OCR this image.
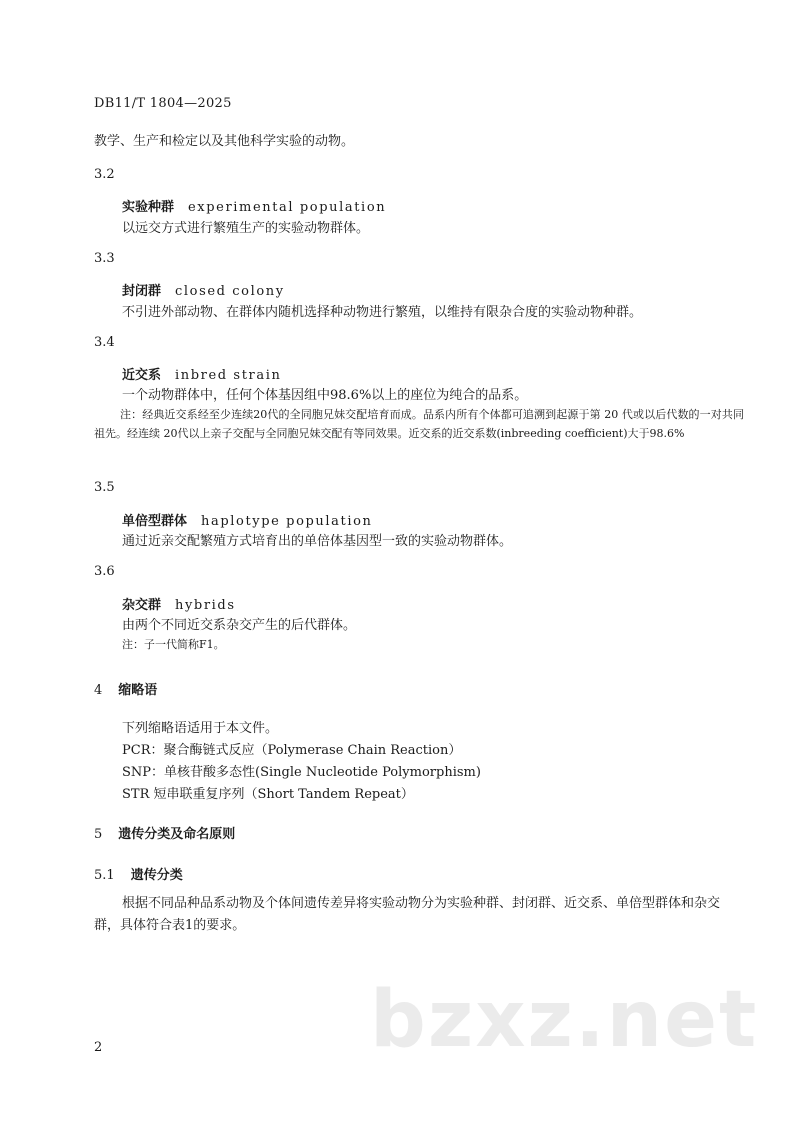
DB11/T 1804—2025
教学、生产和检定以及其他科学实验的动物。
3.2
实验种群 experimental population
以远交方式进行繁殖生产的实验动物群体。
3.3
封闭群 closed colony
不引进外部动物、在群体内随机选择种动物进行繁殖，以维持有限杂合度的实验动物种群。
3.4
近交系 inbred strain
一个动物群体中，任何个体基因组中98.6%以上的座位为纯合的品系。
注：经典近交系经至少连续20代的全同胞兄妹交配培育而成。品系内所有个体都可追溯到起源于第 20 代或以后代数的一对共同祖先。经连续 20代以上亲子交配与全同胞兄妹交配有等同效果。近交系的近交系数(inbreeding coefficient)大于98.6%
3.5
单倍型群体 haplotype population
通过近亲交配繁殖方式培育出的单倍体基因型一致的实验动物群体。
3.6
杂交群 hybrids
由两个不同近交系杂交产生的后代群体。
注：子一代简称F1。
4 缩略语
下列缩略语适用于本文件。
PCR：聚合酶链式反应（Polymerase Chain Reaction）
SNP：单核苷酸多态性(Single Nucleotide Polymorphism)
STR 短串联重复序列（Short Tandem Repeat）
5 遗传分类及命名原则
5.1 遗传分类
根据不同品种品系动物及个体间遗传差异将实验动物分为实验种群、封闭群、近交系、单倍型群体和杂交群，具体符合表1的要求。
bzxz.net
2
